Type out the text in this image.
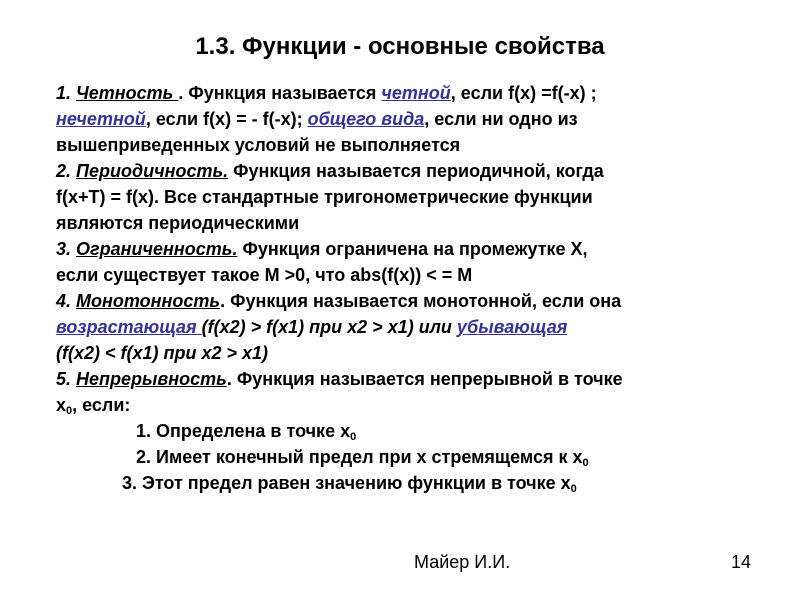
1.3. Функции - основные свойства
1. Четность . Функция называется четной, если f(x) =f(-x) ;
нечетной, если f(x) = - f(-x); общего вида, если ни одно из
вышеприведенных условий не выполняется
2. Периодичность. Функция называется периодичной, когда
f(x+T) = f(x). Все стандартные тригонометрические функции
являются периодическими
3. Ограниченность. Функция ограничена на промежутке X,
если существует такое M >0, что abs(f(x)) < = M
4. Монотонность. Функция называется монотонной, если она
возрастающая (f(x2) > f(x1) при x2 > x1) или убывающая
(f(x2) < f(x1) при x2 > x1)
5. Непрерывность. Функция называется непрерывной в точке
$x_0$, если:
1. Определена в точке $x_0$
2. Имеет конечный предел при x стремящемся к $x_0$
3. Этот предел равен значению функции в точке $x_0$
Майер И.И.	14
